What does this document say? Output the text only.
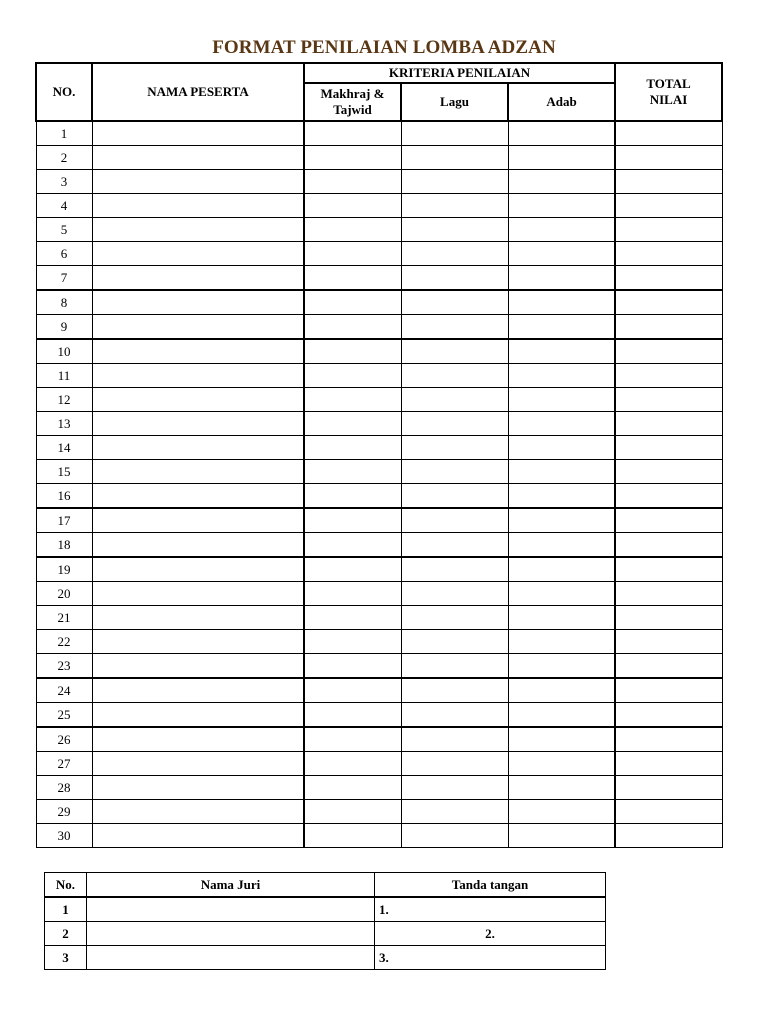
FORMAT PENILAIAN LOMBA ADZAN
NO.	NAMA PESERTA	KRITERIA PENILAIAN			TOTAL
NILAI
		Makhraj & Tajwid	Lagu	Adab	
1					
2					
3					
4					
5					
6					
7					
8					
9					
10					
11					
12					
13					
14					
15					
16					
17					
18					
19					
20					
21					
22					
23					
24					
25					
26					
27					
28					
29					
30					
No.	Nama Juri	Tanda tangan
1		1.
2		2.
3		3.
